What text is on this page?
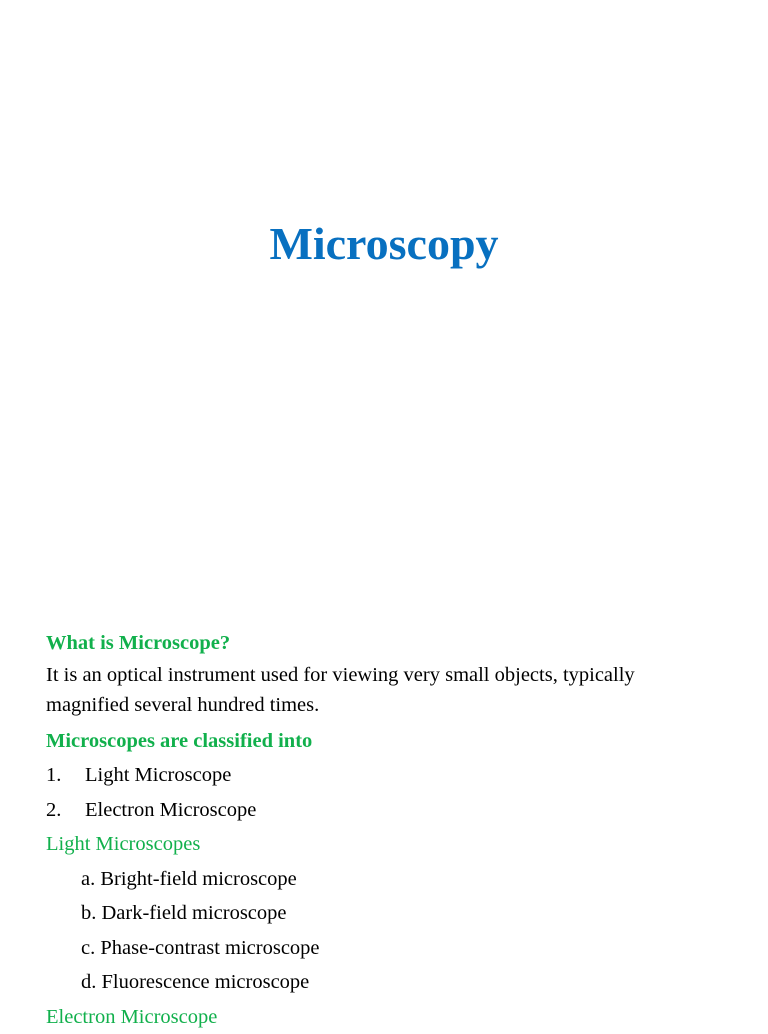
Microscopy

What is Microscope?

It is an optical instrument used for viewing very small objects, typically
magnified several hundred times.

Microscopes are classified into

1.	Light Microscope
2.	Electron Microscope

Light Microscopes

a. Bright-field microscope
b. Dark-field microscope
c. Phase-contrast microscope
d. Fluorescence microscope

Electron Microscope
